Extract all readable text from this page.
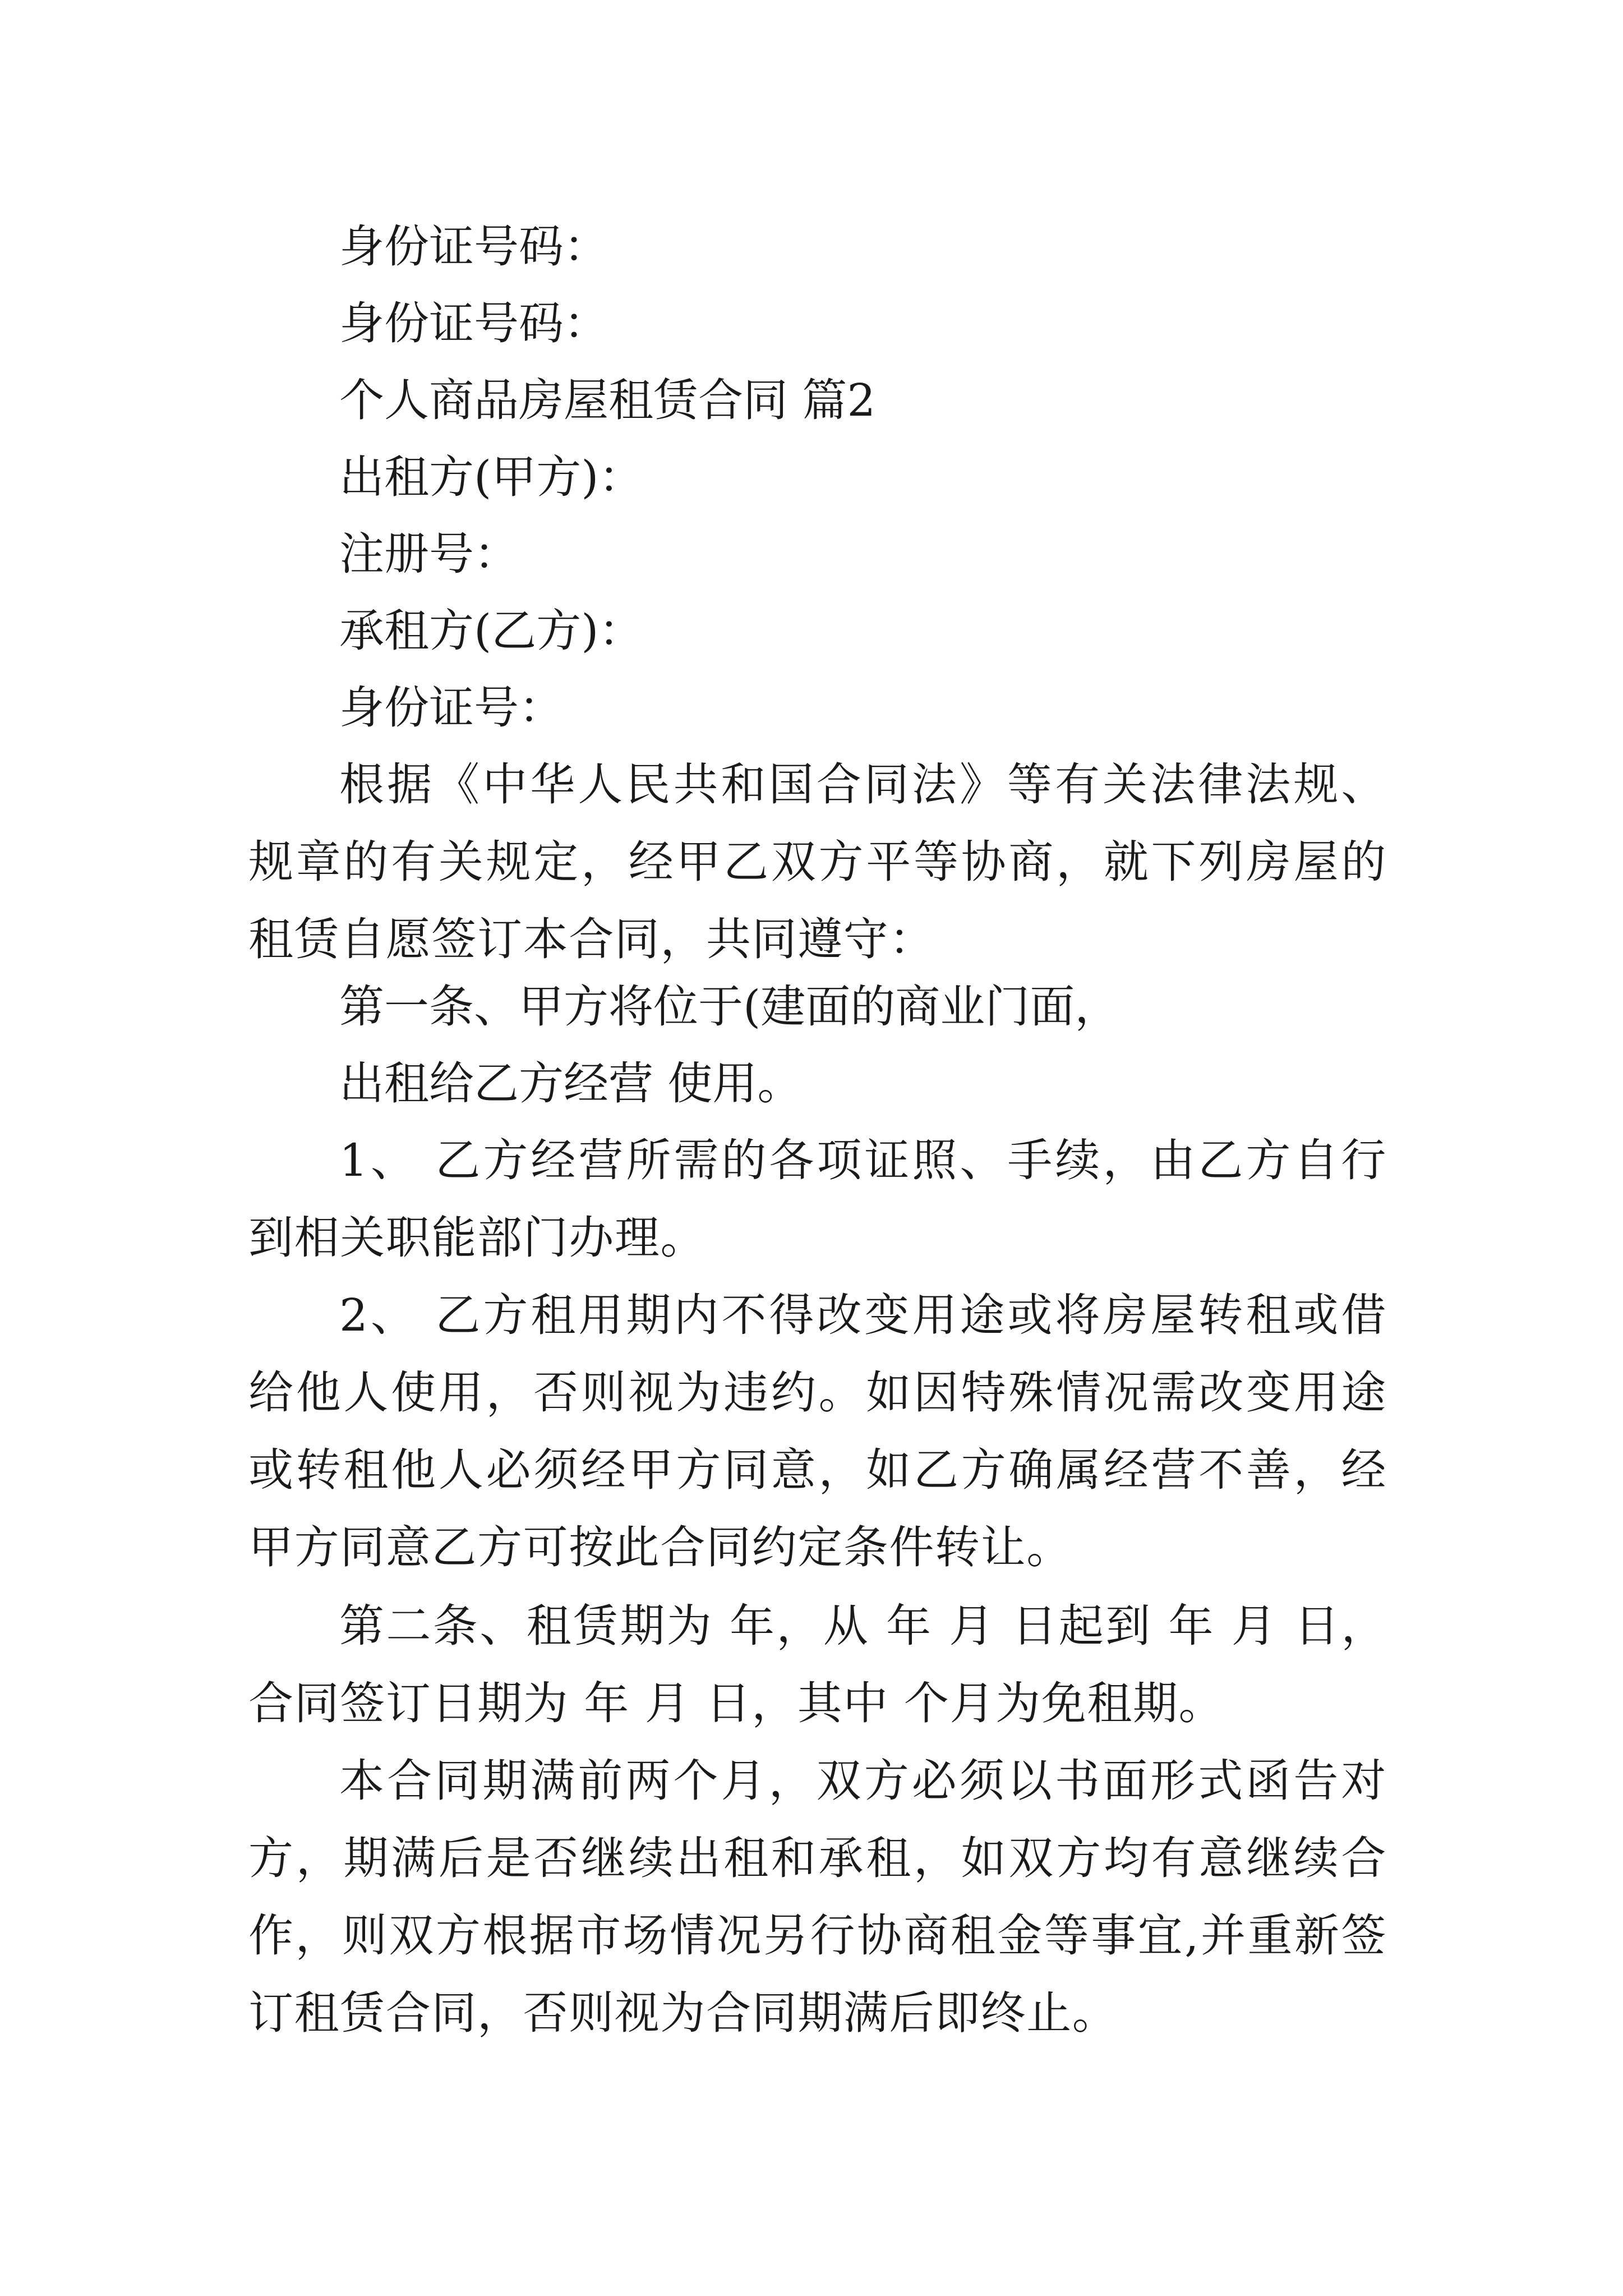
身份证号码：
身份证号码：
个人商品房屋租赁合同 篇2
出租方(甲方)：
注册号：
承租方(乙方)：
身份证号：
根据《中华人民共和国合同法》等有关法律法规、规章的有关规定，经甲乙双方平等协商，就下列房屋的租赁自愿签订本合同，共同遵守：
第一条、甲方将位于(建面的商业门面，
出租给乙方经营 使用。
1、 乙方经营所需的各项证照、手续，由乙方自行到相关职能部门办理。
2、 乙方租用期内不得改变用途或将房屋转租或借给他人使用，否则视为违约。如因特殊情况需改变用途或转租他人必须经甲方同意，如乙方确属经营不善，经甲方同意乙方可按此合同约定条件转让。
第二条、租赁期为 年，从 年 月 日起到 年 月 日，合同签订日期为 年 月 日，其中 个月为免租期。
本合同期满前两个月，双方必须以书面形式函告对方，期满后是否继续出租和承租，如双方均有意继续合作，则双方根据市场情况另行协商租金等事宜,并重新签订租赁合同，否则视为合同期满后即终止。
